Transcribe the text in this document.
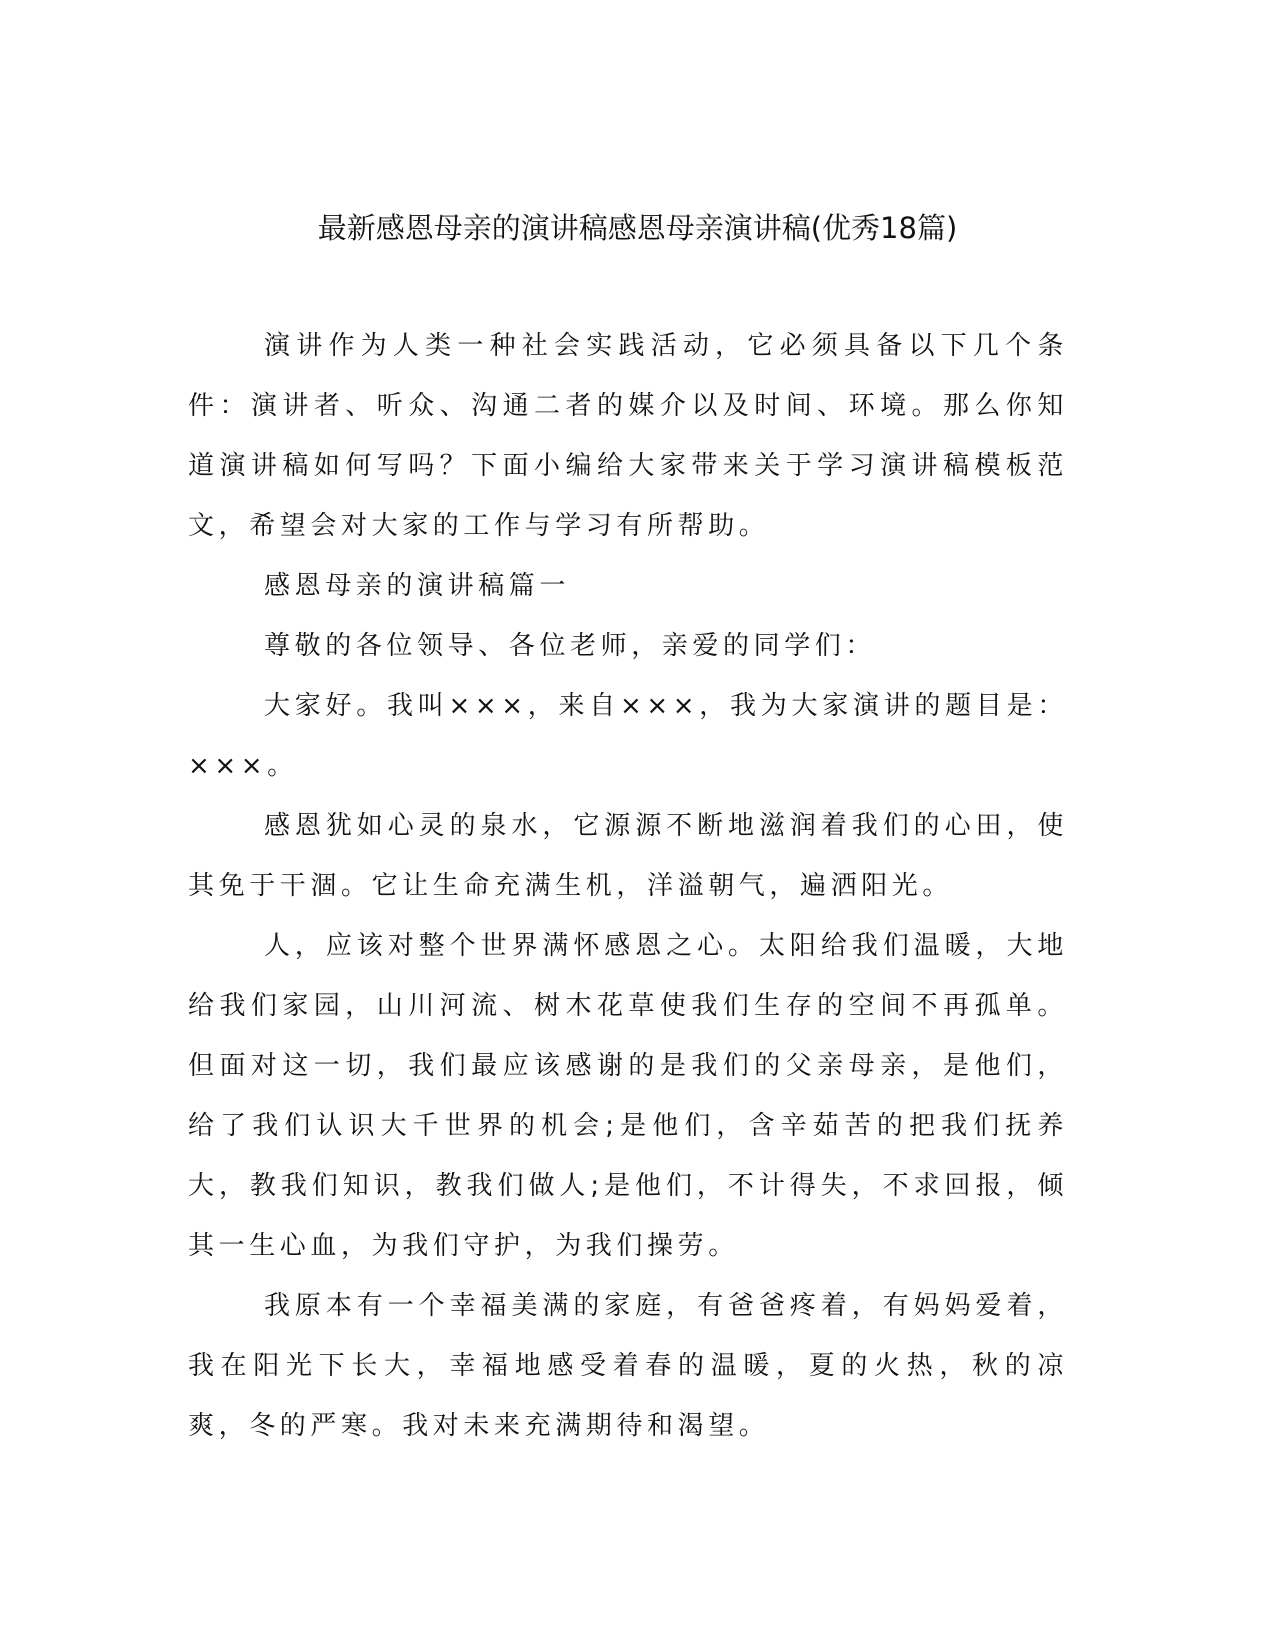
最新感恩母亲的演讲稿感恩母亲演讲稿(优秀18篇)

演讲作为人类一种社会实践活动，它必须具备以下几个条件：演讲者、听众、沟通二者的媒介以及时间、环境。那么你知道演讲稿如何写吗？下面小编给大家带来关于学习演讲稿模板范文，希望会对大家的工作与学习有所帮助。

感恩母亲的演讲稿篇一

尊敬的各位领导、各位老师，亲爱的同学们：

大家好。我叫×××，来自×××，我为大家演讲的题目是：×××。

感恩犹如心灵的泉水，它源源不断地滋润着我们的心田，使其免于干涸。它让生命充满生机，洋溢朝气，遍洒阳光。

人，应该对整个世界满怀感恩之心。太阳给我们温暖，大地给我们家园，山川河流、树木花草使我们生存的空间不再孤单。但面对这一切，我们最应该感谢的是我们的父亲母亲，是他们，给了我们认识大千世界的机会;是他们，含辛茹苦的把我们抚养大，教我们知识，教我们做人;是他们，不计得失，不求回报，倾其一生心血，为我们守护，为我们操劳。

我原本有一个幸福美满的家庭，有爸爸疼着，有妈妈爱着，我在阳光下长大，幸福地感受着春的温暖，夏的火热，秋的凉爽，冬的严寒。我对未来充满期待和渴望。
